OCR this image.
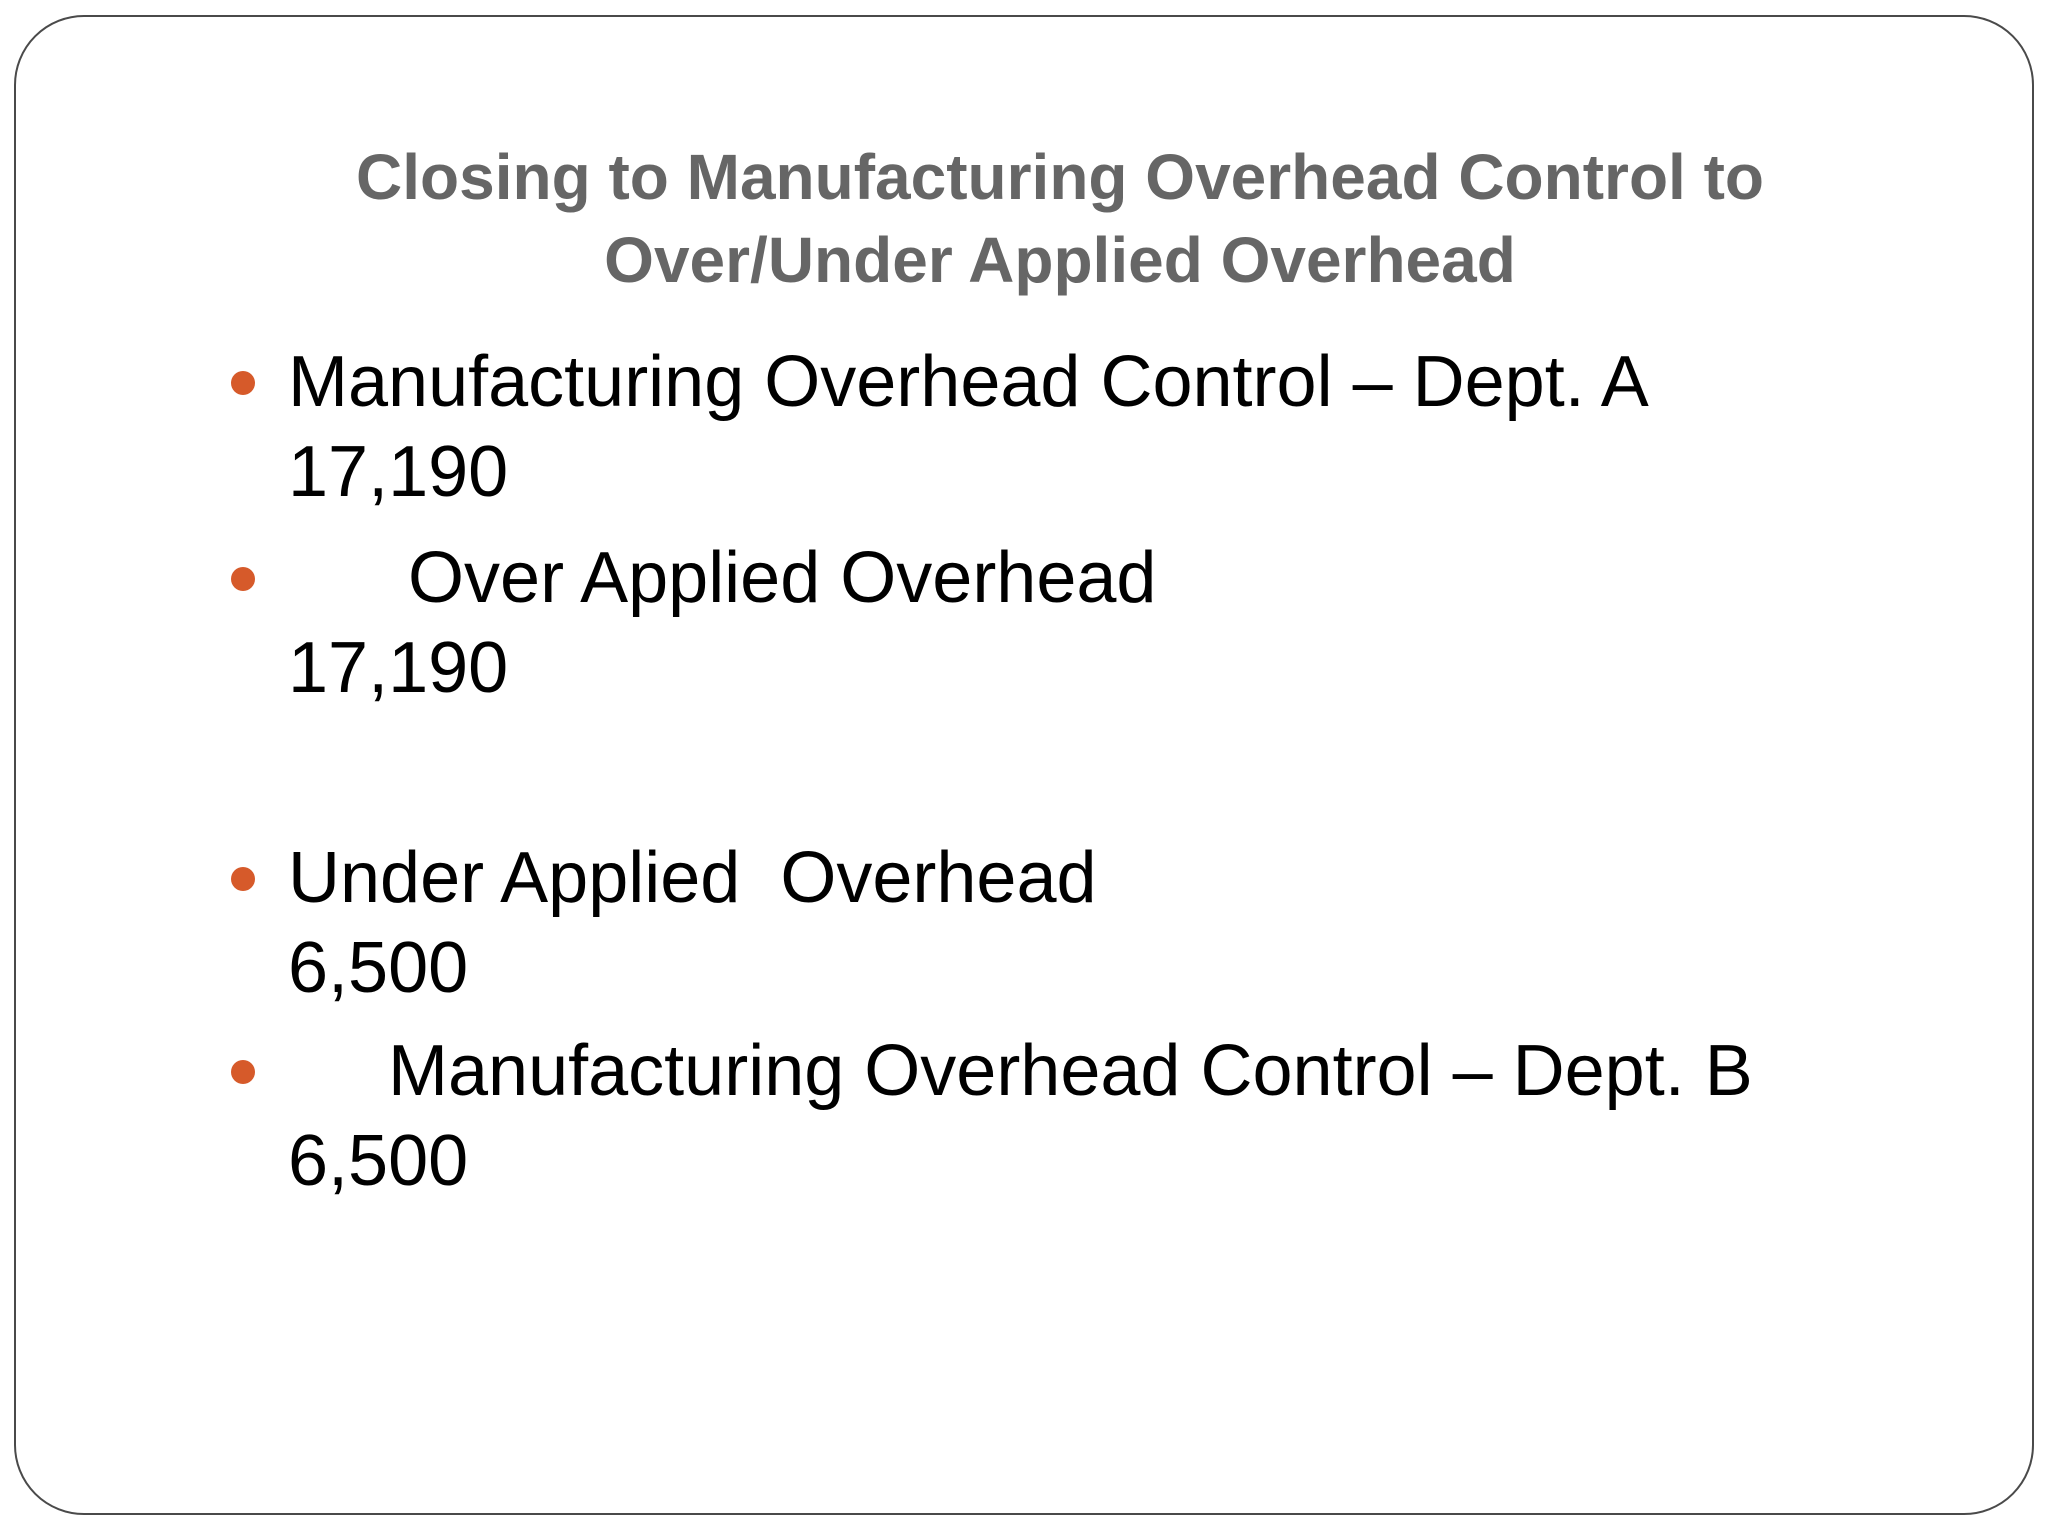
Closing to Manufacturing Overhead Control to
Over/Under Applied Overhead
Manufacturing Overhead Control – Dept. A
17,190
Over Applied Overhead
17,190
Under Applied  Overhead
6,500
Manufacturing Overhead Control – Dept. B
6,500
